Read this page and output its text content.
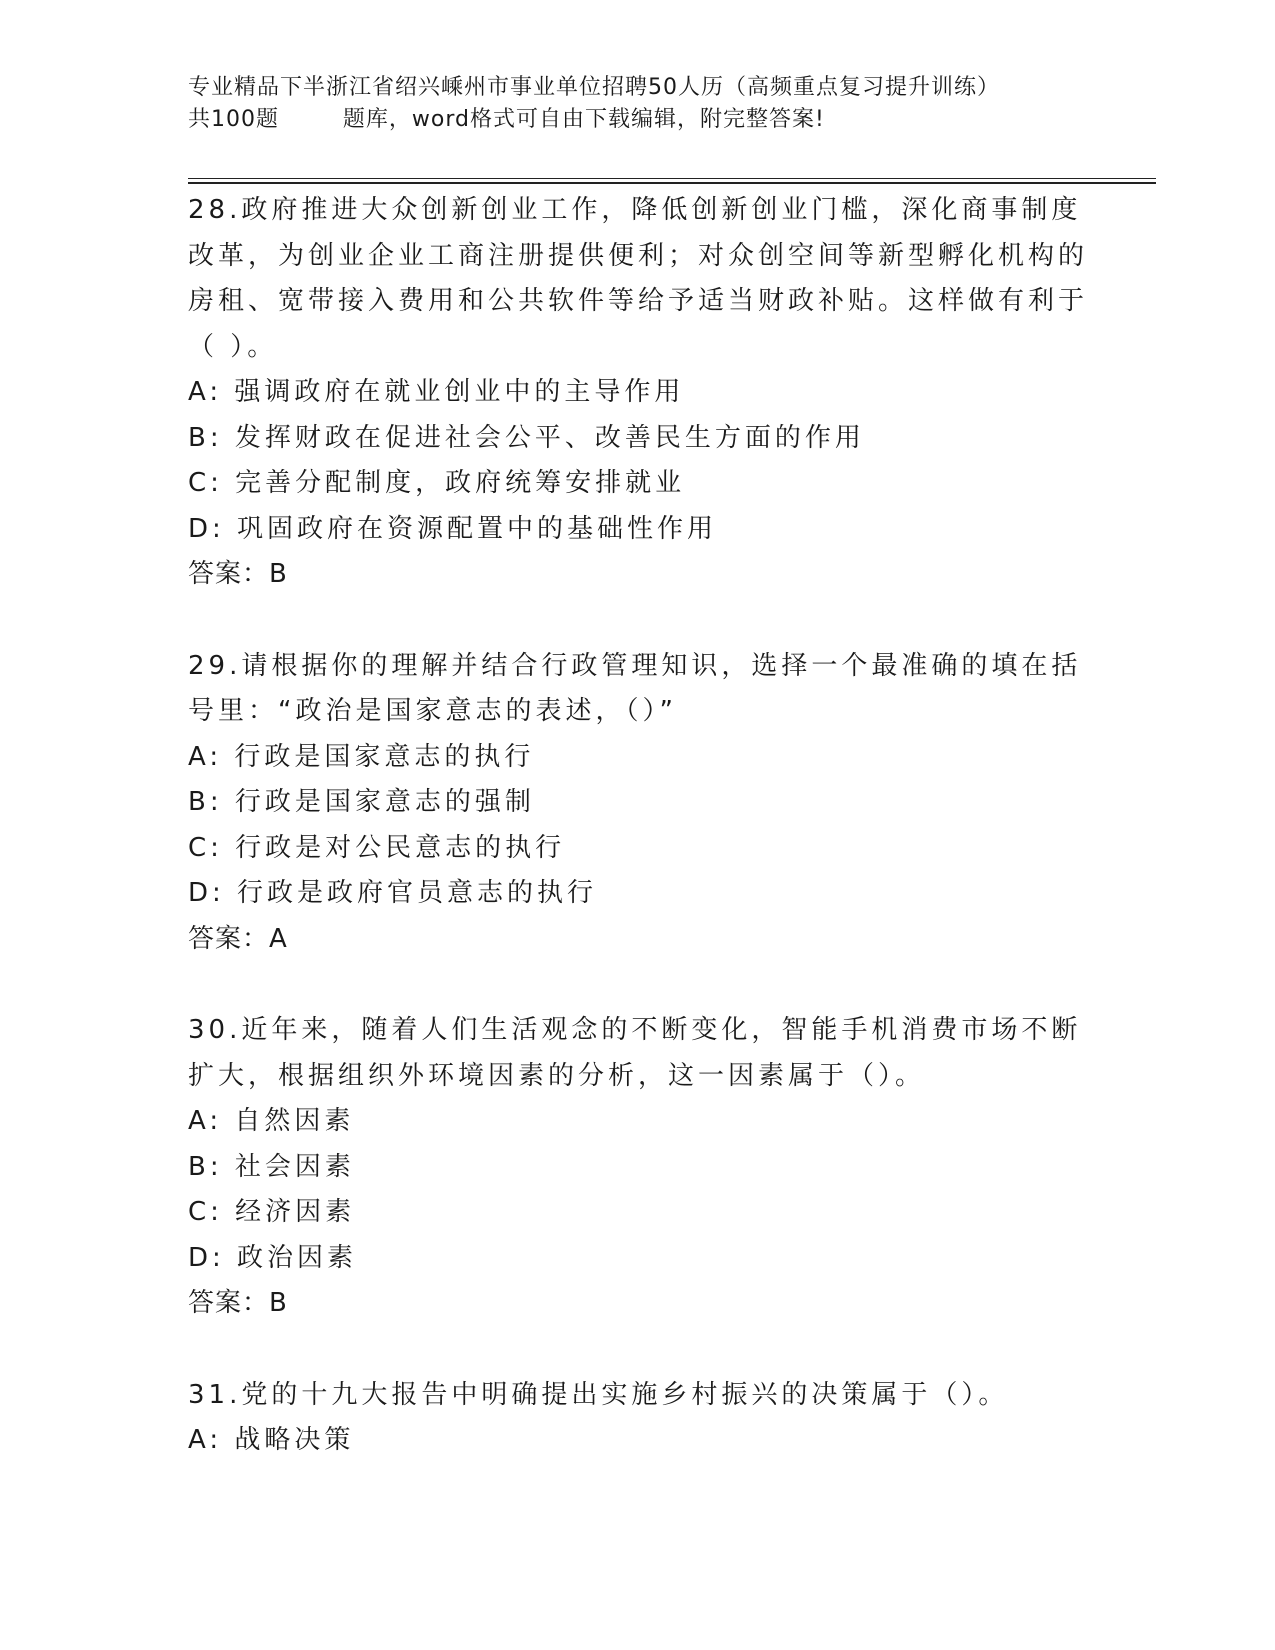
专业精品下半浙江省绍兴嵊州市事业单位招聘50人历（高频重点复习提升训练）
共100题        题库，word格式可自由下载编辑，附完整答案!

28.政府推进大众创新创业工作，降低创新创业门槛，深化商事制度改革，为创业企业工商注册提供便利；对众创空间等新型孵化机构的房租、宽带接入费用和公共软件等给予适当财政补贴。这样做有利于（ ）。

A: 强调政府在就业创业中的主导作用

B: 发挥财政在促进社会公平、改善民生方面的作用

C: 完善分配制度，政府统筹安排就业

D: 巩固政府在资源配置中的基础性作用

答案：B

29.请根据你的理解并结合行政管理知识，选择一个最准确的填在括号里：“政治是国家意志的表述，（）”

A: 行政是国家意志的执行

B: 行政是国家意志的强制

C: 行政是对公民意志的执行

D: 行政是政府官员意志的执行

答案：A

30.近年来，随着人们生活观念的不断变化，智能手机消费市场不断扩大，根据组织外环境因素的分析，这一因素属于（）。

A: 自然因素

B: 社会因素

C: 经济因素

D: 政治因素

答案：B

31.党的十九大报告中明确提出实施乡村振兴的决策属于（）。

A: 战略决策
